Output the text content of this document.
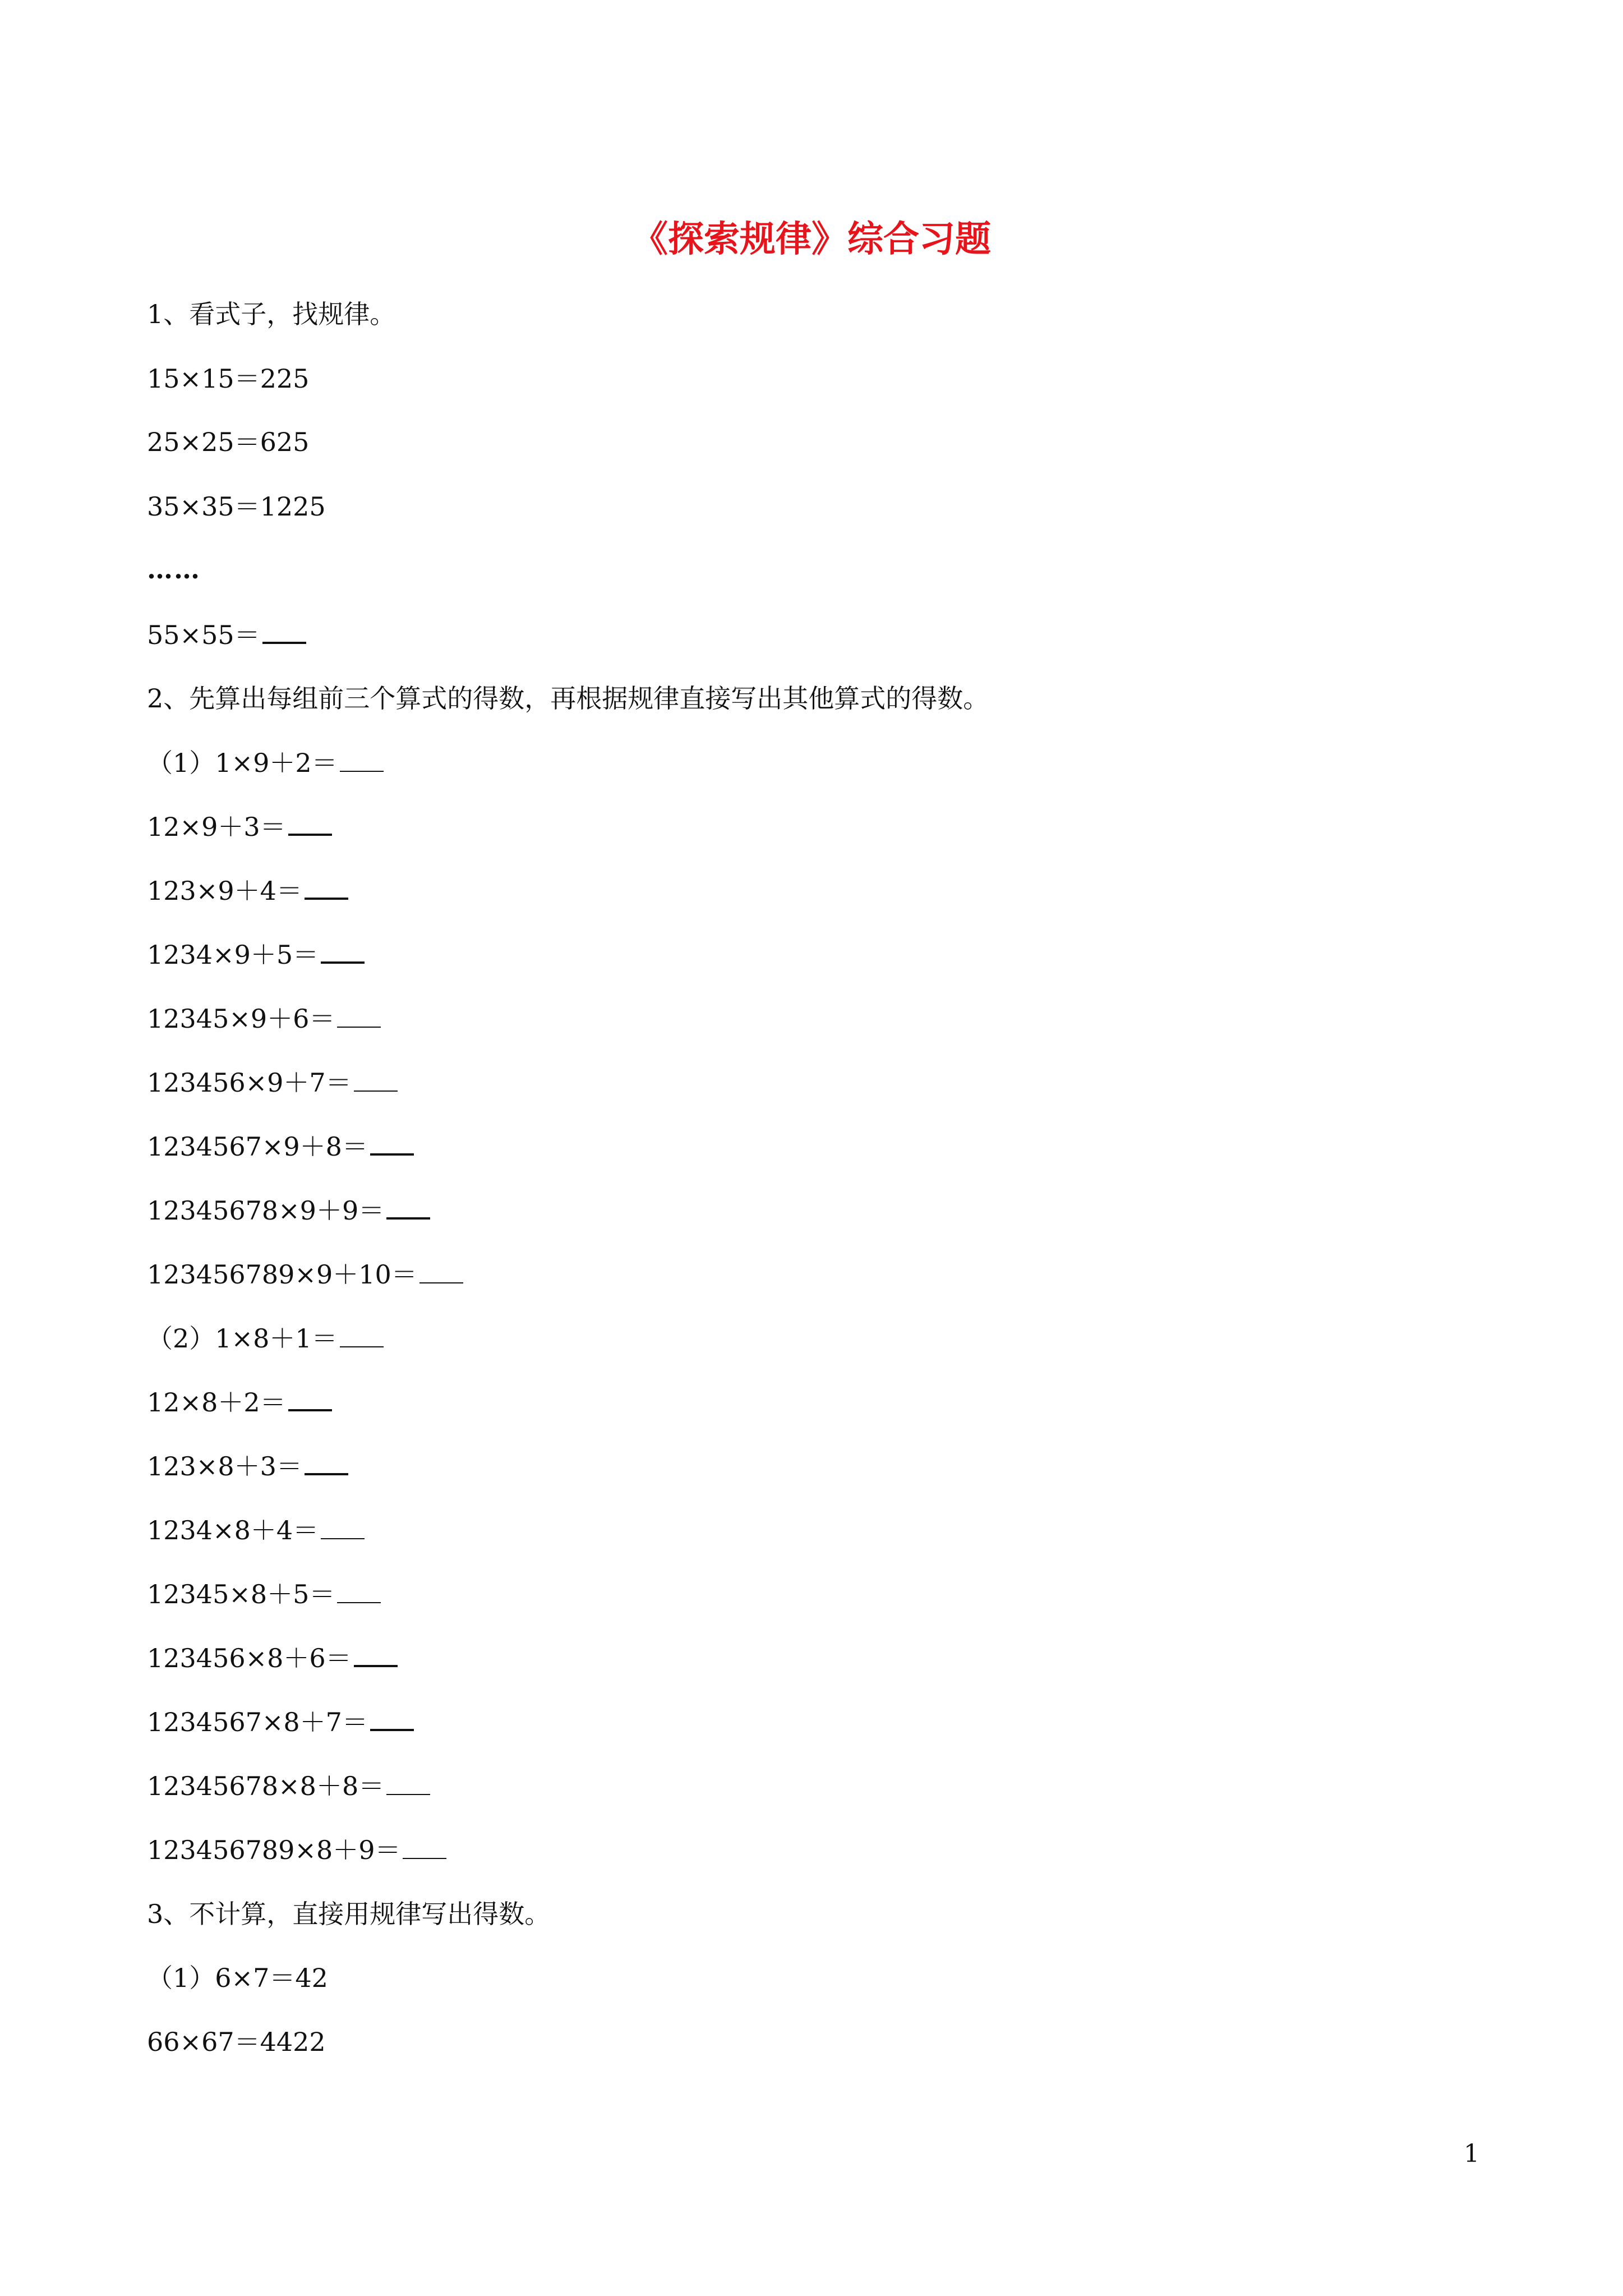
《探索规律》综合习题
1、看式子，找规律。
15×15＝225
25×25＝625
35×35＝1225
……
55×55＝
2、先算出每组前三个算式的得数，再根据规律直接写出其他算式的得数。
（1）1×9＋2＝
12×9＋3＝
123×9＋4＝
1234×9＋5＝
12345×9＋6＝
123456×9＋7＝
1234567×9＋8＝
12345678×9＋9＝
123456789×9＋10＝
（2）1×8＋1＝
12×8＋2＝
123×8＋3＝
1234×8＋4＝
12345×8＋5＝
123456×8＋6＝
1234567×8＋7＝
12345678×8＋8＝
123456789×8＋9＝
3、不计算，直接用规律写出得数。
（1）6×7＝42
66×67＝4422
1
